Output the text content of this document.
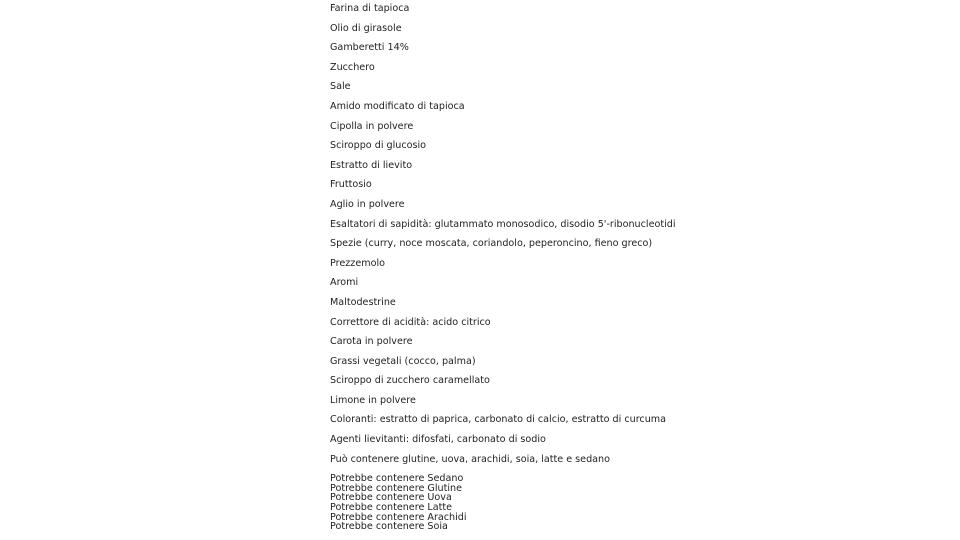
Farina di tapioca
Olio di girasole
Gamberetti 14%
Zucchero
Sale
Amido modificato di tapioca
Cipolla in polvere
Sciroppo di glucosio
Estratto di lievito
Fruttosio
Aglio in polvere
Esaltatori di sapidità: glutammato monosodico, disodio 5'-ribonucleotidi
Spezie (curry, noce moscata, coriandolo, peperoncino, fieno greco)
Prezzemolo
Aromi
Maltodestrine
Correttore di acidità: acido citrico
Carota in polvere
Grassi vegetali (cocco, palma)
Sciroppo di zucchero caramellato
Limone in polvere
Coloranti: estratto di paprica, carbonato di calcio, estratto di curcuma
Agenti lievitanti: difosfati, carbonato di sodio
Può contenere glutine, uova, arachidi, soia, latte e sedano
Potrebbe contenere Sedano
Potrebbe contenere Glutine
Potrebbe contenere Uova
Potrebbe contenere Latte
Potrebbe contenere Arachidi
Potrebbe contenere Soia
